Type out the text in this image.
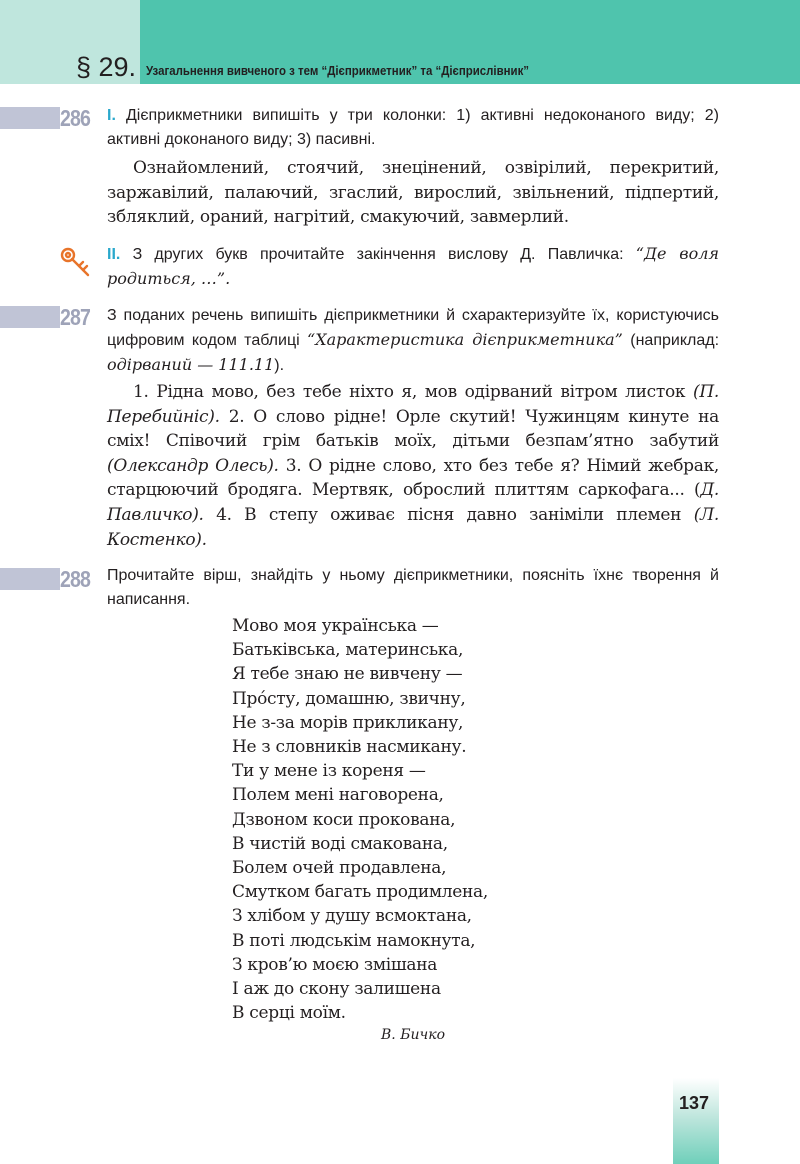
§ 29. Узагальнення вивченого з тем “Дієприкметник” та “Дієприслівник”
286 I. Дієприкметники випишіть у три колонки: 1) активні недоконаного виду; 2) активні доконаного виду; 3) пасивні.

Ознайомлений, стоячий, знецінений, озвірілий, перекритий, заржавілий, палаючий, згаслий, вирослий, звільнений, підпертий, збляклий, ораний, нагрітий, смакуючий, завмерлий.

II. З других букв прочитайте закінчення вислову Д. Павличка: “Де воля родиться, …”.

287 З поданих речень випишіть дієприкметники й схарактеризуйте їх, користуючись цифровим кодом таблиці “Характеристика дієприкметника” (наприклад: одірваний — 111.11).

1. Рідна мово, без тебе ніхто я, мов одірваний вітром листок (П. Перебийніс). 2. О слово рідне! Орле скутий! Чужинцям кинуте на сміх! Співочий грім батьків моїх, дітьми безпам’ятно забутий (Олександр Олесь). 3. О рідне слово, хто без тебе я? Німий жебрак, старцюючий бродяга. Мертвяк, оброслий плиттям саркофага... (Д. Павличко). 4. В степу оживає пісня давно заніміли племен (Л. Костенко).

288 Прочитайте вірш, знайдіть у ньому дієприкметники, поясніть їхнє творення й написання.

Мово моя українська —
Батьківська, материнська,
Я тебе знаю не вивчену —
Прóсту, домашню, звичну,
Не з-за морів прикликану,
Не з словників насмикану.
Ти у мене із кореня —
Полем мені наговорена,
Дзвоном коси прокована,
В чистій воді смакована,
Болем очей продавлена,
Смутком багать продимлена,
З хлібом у душу всмоктана,
В поті людськім намокнута,
З кров’ю моєю змішана
І аж до скону залишена
В серці моїм.
В. Бичко
137
